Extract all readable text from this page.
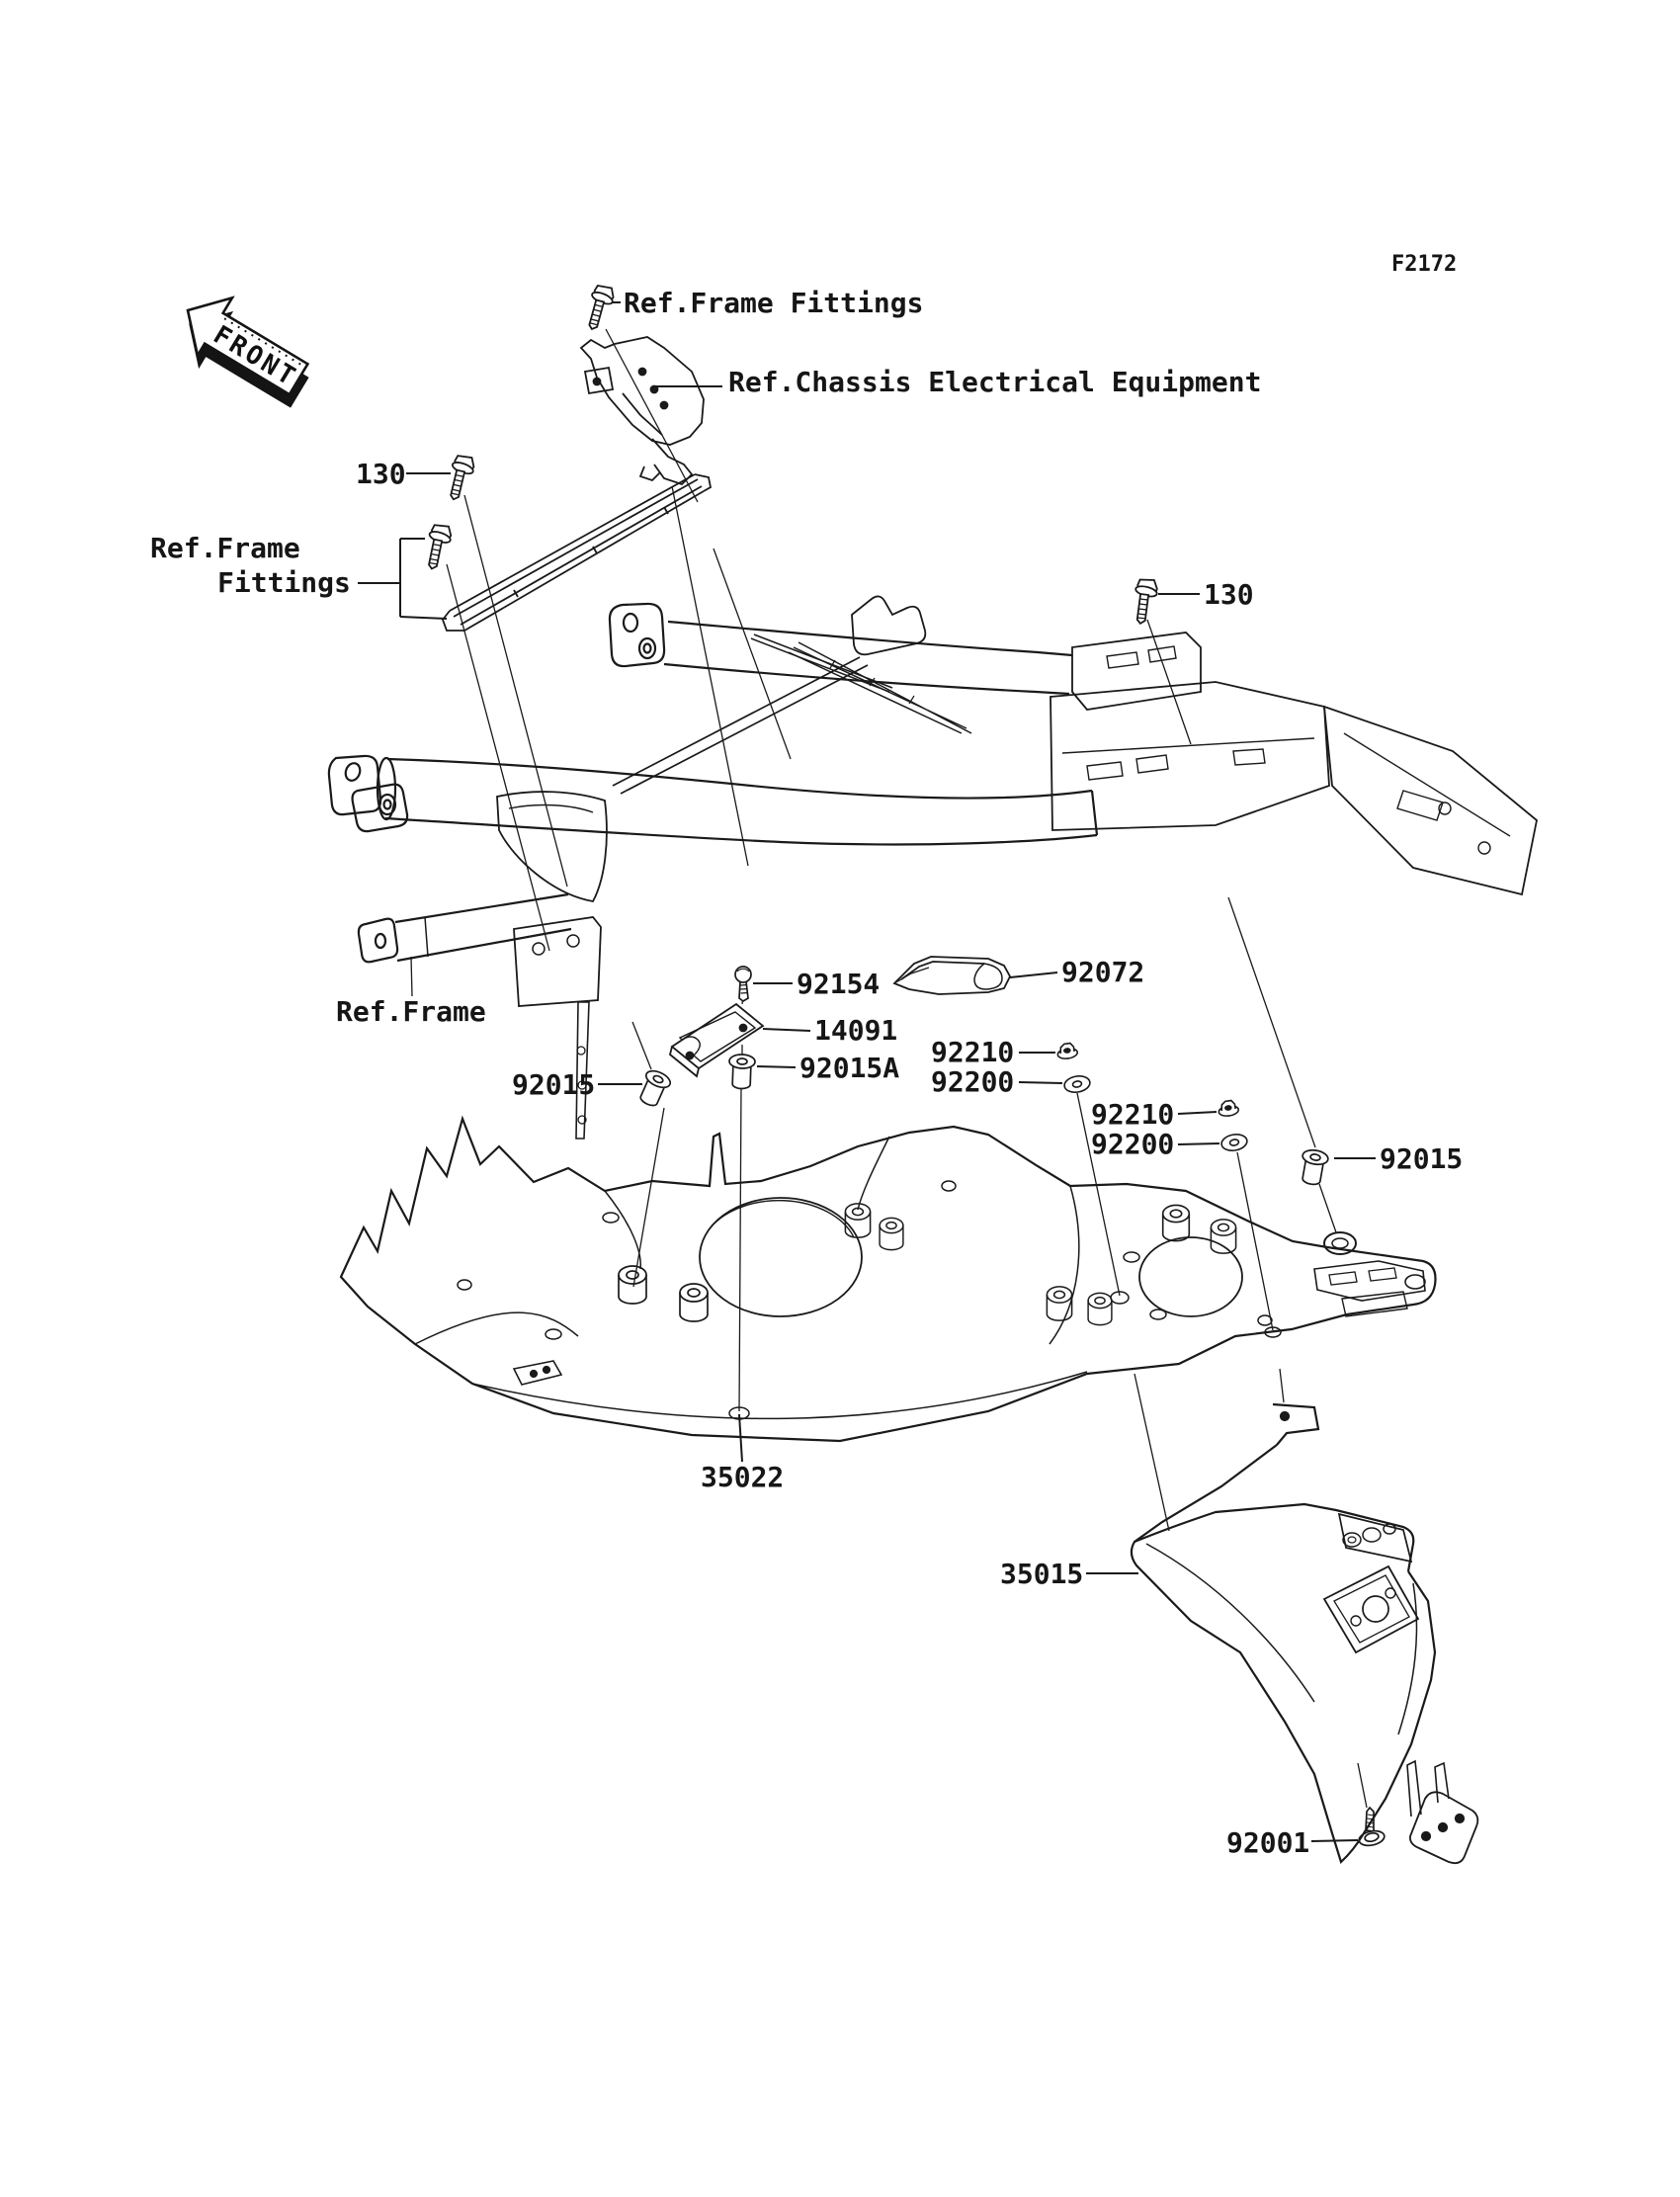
F2172
FRONT
Ref.Frame Fittings
Ref.Chassis Electrical Equipment
130
Ref.Frame
Fittings	130
Ref.Frame
92154
14091
92015A
92015
92072
92210
92200
92210
92200	92015
35022
35015
92001
